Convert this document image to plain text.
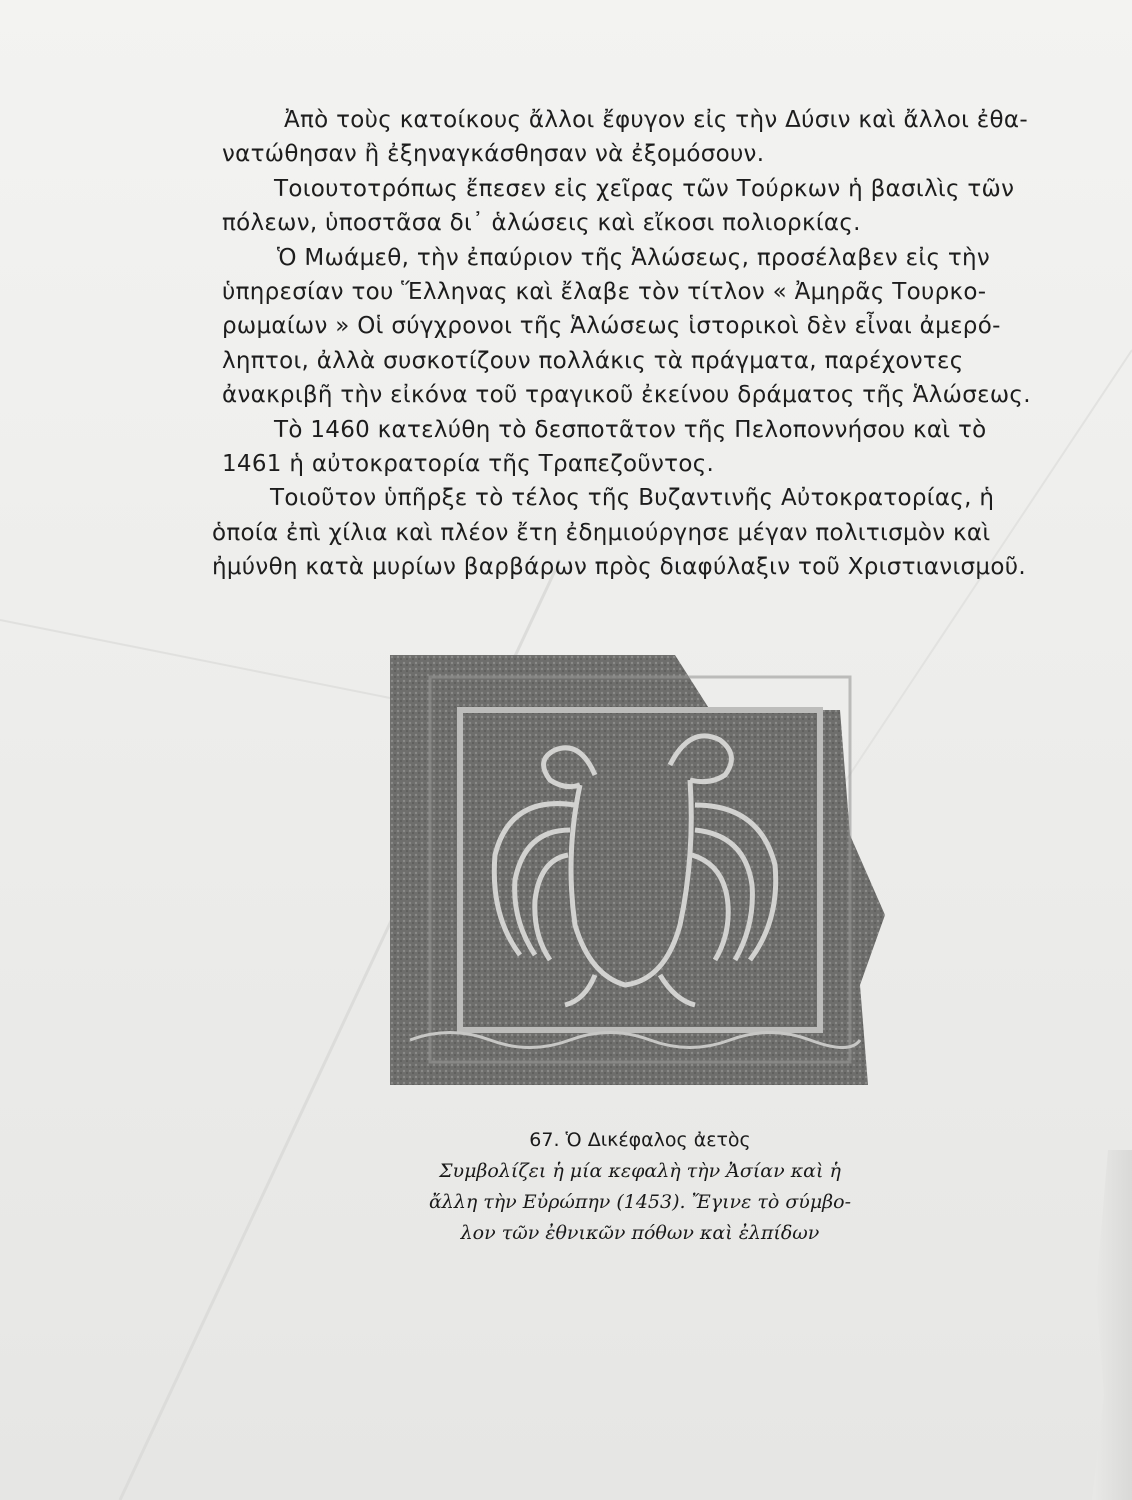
Ἀπὸ τοὺς κατοίκους ἄλλοι ἔφυγον εἰς τὴν Δύσιν καὶ ἄλλοι ἐθα-
νατώθησαν ἢ ἐξηναγκάσθησαν νὰ ἐξομόσουν.
Τοιουτοτρόπως ἔπεσεν εἰς χεῖρας τῶν Τούρκων ἡ βασιλὶς τῶν
πόλεων, ὑποστᾶσα δι᾿ ἁλώσεις καὶ εἴκοσι πολιορκίας.
Ὁ Μωάμεθ, τὴν ἐπαύριον τῆς Ἁλώσεως, προσέλαβεν εἰς τὴν
ὑπηρεσίαν του Ἕλληνας καὶ ἔλαβε τὸν τίτλον « Ἀμηρᾶς Τουρκο-
ρωμαίων » Οἱ σύγχρονοι τῆς Ἁλώσεως ἱστορικοὶ δὲν εἶναι ἀμερό-
ληπτοι, ἀλλὰ συσκοτίζουν πολλάκις τὰ πράγματα, παρέχοντες
ἀνακριβῆ τὴν εἰκόνα τοῦ τραγικοῦ ἐκείνου δράματος τῆς Ἁλώσεως.
Τὸ 1460 κατελύθη τὸ δεσποτᾶτον τῆς Πελοποννήσου καὶ τὸ
1461 ἡ αὐτοκρατορία τῆς Τραπεζοῦντος.
Τοιοῦτον ὑπῆρξε τὸ τέλος τῆς Βυζαντινῆς Αὐτοκρατορίας, ἡ
ὁποία ἐπὶ χίλια καὶ πλέον ἔτη ἐδημιούργησε μέγαν πολιτισμὸν καὶ
ἠμύνθη κατὰ μυρίων βαρβάρων πρὸς διαφύλαξιν τοῦ Χριστιανισμοῦ.
67. Ὁ Δικέφαλος ἀετὸς
Συμβολίζει ἡ μία κεφαλὴ τὴν Ἀσίαν καὶ ἡ
ἄλλη τὴν Εὐρώπην (1453). Ἔγινε τὸ σύμβο-
λον τῶν ἐθνικῶν πόθων καὶ ἐλπίδων
